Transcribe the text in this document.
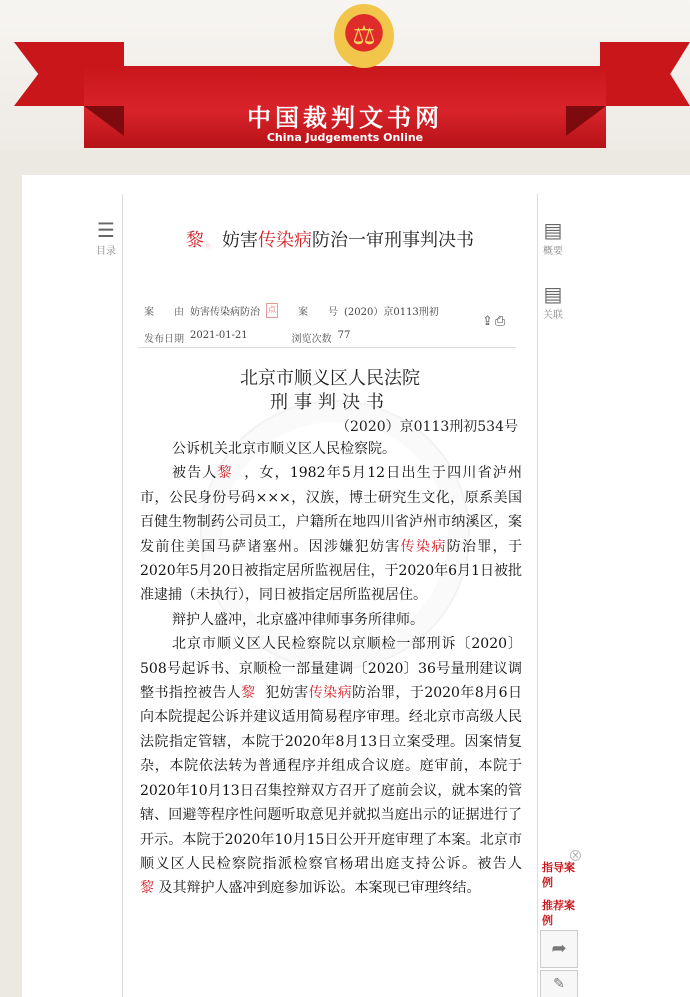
⚖
中国裁判文书网
China Judgements Online
☰
目录
▤
概要
▤
关联
黎、妨害传染病防治一审刑事判决书
案　　由 妨害传染病防治 点 案　　号 (2020）京0113刑初
发布日期 2021-01-21	浏览次数 77
⇪⎙
北京市顺义区人民法院
刑事判决书
（2020）京0113刑初534号

公诉机关北京市顺义区人民检察院。

被告人黎 ，女，1982年5月12日出生于四川省泸州市，公民身份号码×××，汉族，博士研究生文化，原系美国百健生物制药公司员工，户籍所在地四川省泸州市纳溪区，案发前住美国马萨诸塞州。因涉嫌犯妨害传染病防治罪，于2020年5月20日被指定居所监视居住，于2020年6月1日被批准逮捕（未执行），同日被指定居所监视居住。

辩护人盛冲，北京盛冲律师事务所律师。

北京市顺义区人民检察院以京顺检一部刑诉〔2020〕508号起诉书、京顺检一部量建调〔2020〕36号量刑建议调整书指控被告人黎 犯妨害传染病防治罪，于2020年8月6日向本院提起公诉并建议适用简易程序审理。经北京市高级人民法院指定管辖，本院于2020年8月13日立案受理。因案情复杂，本院依法转为普通程序并组成合议庭。庭审前，本院于2020年10月13日召集控辩双方召开了庭前会议，就本案的管辖、回避等程序性问题听取意见并就拟当庭出示的证据进行了开示。本院于2020年10月15日公开开庭审理了本案。北京市顺义区人民检察院指派检察官杨珺出庭支持公诉。被告人黎 及其辩护人盛冲到庭参加诉讼。本案现已审理终结。

×
指导案例
推荐案例
➦
✎
